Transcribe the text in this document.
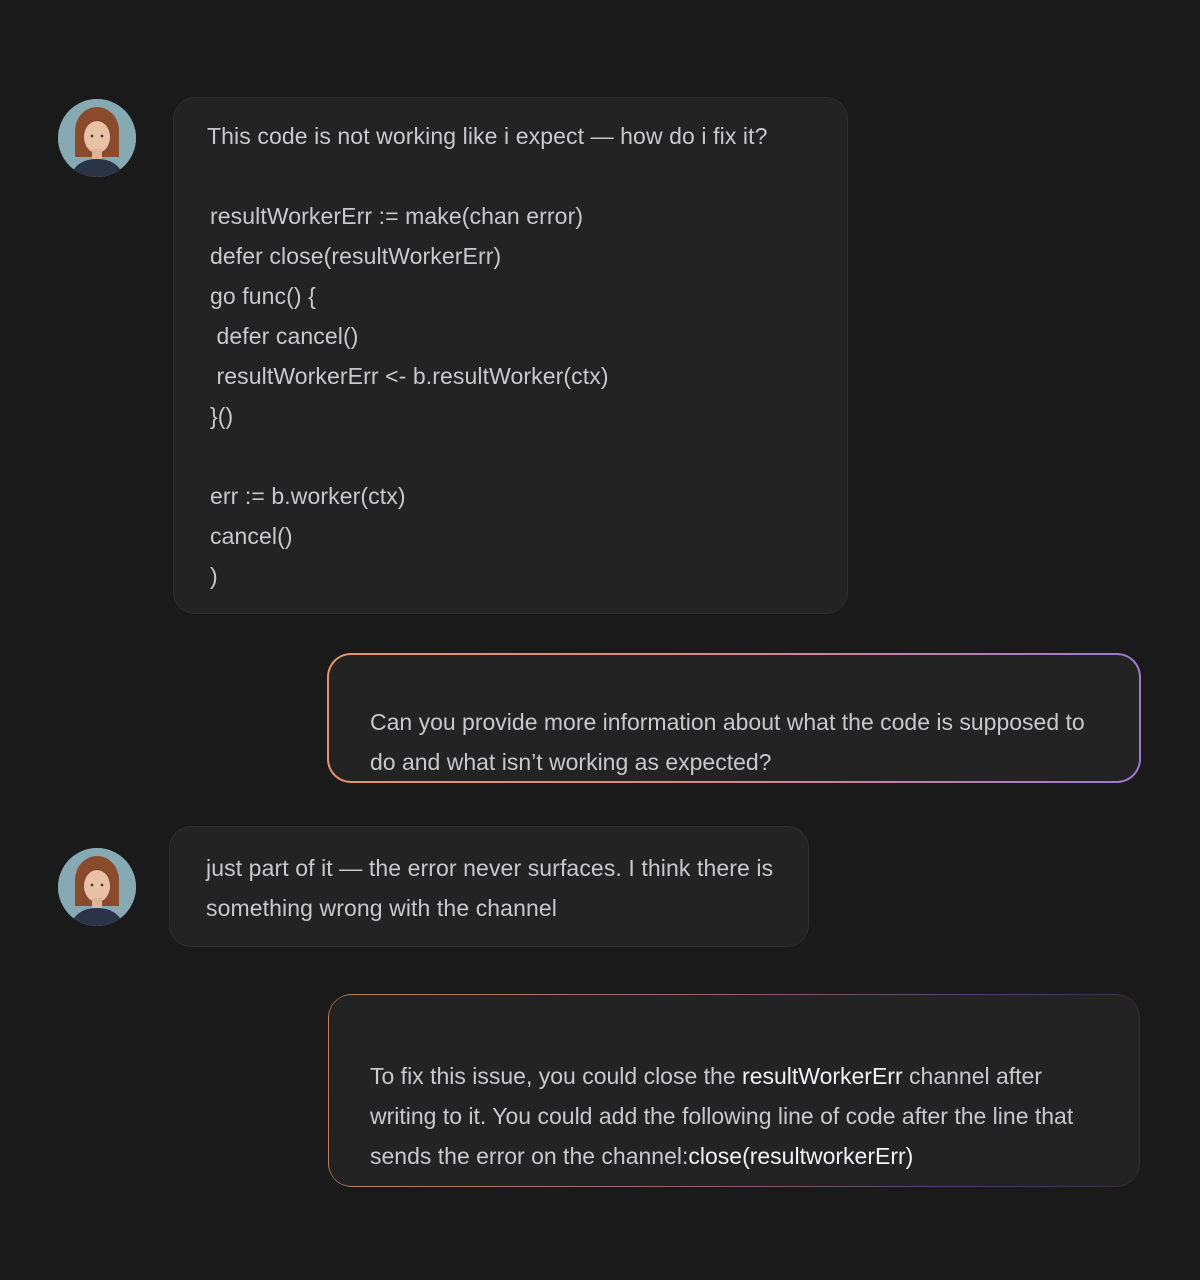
This code is not working like i expect — how do i fix it?

resultWorkerErr := make(chan error)
defer close(resultWorkerErr)
go func() {
defer cancel()
resultWorkerErr <- b.resultWorker(ctx)
}()
err := b.worker(ctx)
cancel()
)

Can you provide more information about what the code is supposed to do and what isn’t working as expected?

just part of it — the error never surfaces. I think there is something wrong with the channel

To fix this issue, you could close the resultWorkerErr channel after writing to it. You could add the following line of code after the line that sends the error on the channel:close(resultworkerErr)
